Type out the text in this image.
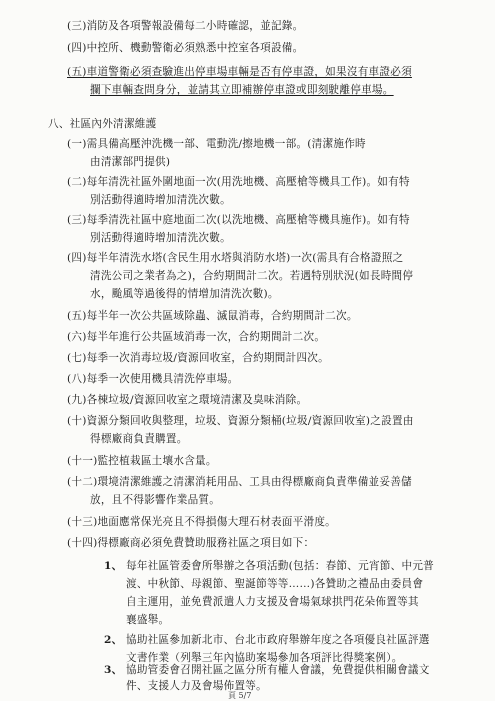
(三)消防及各項警報設備每二小時確認，並記錄。
(四)中控所、機動警衛必須熟悉中控室各項設備。
(五)車道警衛必須查驗進出停車場車輛是否有停車證，如果沒有車證必須
攔下車輛查問身分，並請其立即補辦停車證或即刻駛離停車場。
八、社區內外清潔維護
(一)需具備高壓沖洗機一部、電動洗/擦地機一部。(清潔施作時
由清潔部門提供)
(二)每年清洗社區外圍地面一次(用洗地機、高壓槍等機具工作)。如有特
別活動得適時增加清洗次數。
(三)每季清洗社區中庭地面二次(以洗地機、高壓槍等機具施作)。如有特
別活動得適時增加清洗次數。
(四)每半年清洗水塔(含民生用水塔與消防水塔)一次(需具有合格證照之
清洗公司之業者為之)，合約期間計二次。若遇特別狀況(如長時間停
水，颱風等過後得的情增加清洗次數)。
(五)每半年一次公共區域除蟲、滅鼠消毒，合約期間計二次。
(六)每半年進行公共區域消毒一次，合約期間計二次。
(七)每季一次消毒垃圾/資源回收室，合約期間計四次。
(八)每季一次使用機具清洗停車場。
(九)各棟垃圾/資源回收室之環境清潔及臭味消除。
(十)資源分類回收與整理，垃圾、資源分類桶(垃圾/資源回收室)之設置由
得標廠商負責購置。
(十一)監控植栽區土壤水含量。
(十二)環境清潔維護之清潔消耗用品、工具由得標廠商負責準備並妥善儲
放，且不得影響作業品質。
(十三)地面應常保光亮且不得損傷大理石材表面平滑度。
(十四)得標廠商必須免費贊助服務社區之項目如下：
1、 每年社區管委會所舉辦之各項活動(包括：春節、元宵節、中元普
渡、中秋節、母親節、聖誕節等等……)各贊助之禮品由委員會
自主運用，並免費派遣人力支援及會場氣球拱門花朵佈置等其
襄盛舉。
2、 協助社區參加新北市、台北市政府舉辦年度之各項優良社區評選
文書作業（列舉三年內協助案場參加各項評比得獎案例）。
3、 協助管委會召開社區之區分所有權人會議，免費提供相關會議文
頁 5/7
件、支援人力及會場佈置等。
